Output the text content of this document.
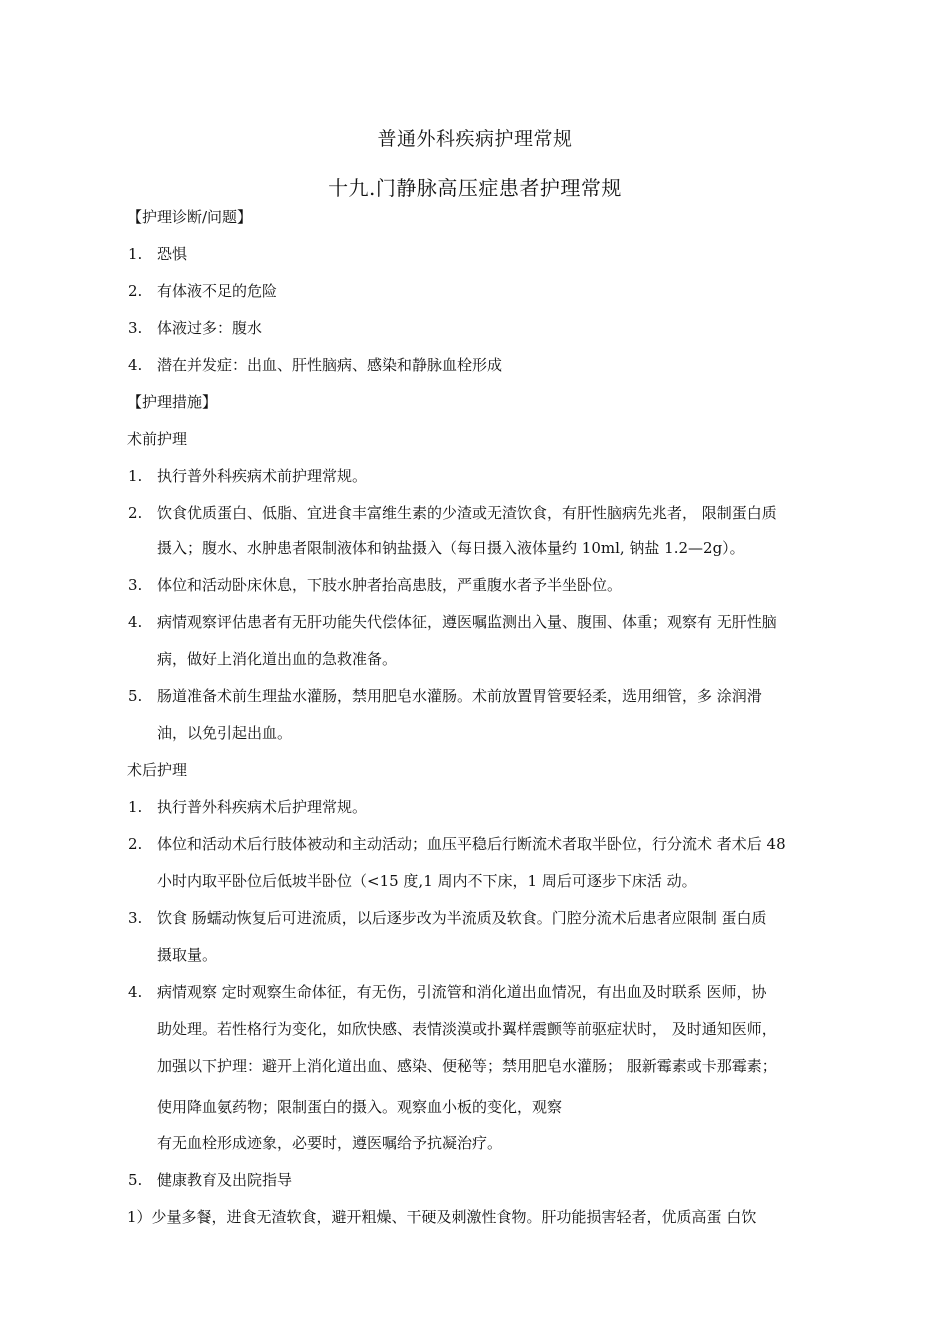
普通外科疾病护理常规
十九.门静脉高压症患者护理常规
【护理诊断/问题】
1. 恐惧
2. 有体液不足的危险
3. 体液过多：腹水
4. 潜在并发症：出血、肝性脑病、感染和静脉血栓形成
【护理措施】
术前护理
1. 执行普外科疾病术前护理常规。
2. 饮食优质蛋白、低脂、宜进食丰富维生素的少渣或无渣饮食，有肝性脑病先兆者， 限制蛋白质
摄入；腹水、水肿患者限制液体和钠盐摄入（每日摄入液体量约 10ml, 钠盐 1.2—2g）。
3. 体位和活动卧床休息，下肢水肿者抬高患肢，严重腹水者予半坐卧位。
4. 病情观察评估患者有无肝功能失代偿体征，遵医嘱监测出入量、腹围、体重；观察有 无肝性脑
病，做好上消化道出血的急救准备。
5. 肠道准备术前生理盐水灌肠，禁用肥皂水灌肠。术前放置胃管要轻柔，选用细管，多 涂润滑
油，以免引起出血。
术后护理
1. 执行普外科疾病术后护理常规。
2. 体位和活动术后行肢体被动和主动活动；血压平稳后行断流术者取半卧位，行分流术 者术后 48
小时内取平卧位后低坡半卧位（<15 度,1 周内不下床，1 周后可逐步下床活 动。
3. 饮食 肠蠕动恢复后可进流质，以后逐步改为半流质及软食。门腔分流术后患者应限制 蛋白质
摄取量。
4. 病情观察 定时观察生命体征，有无伤，引流管和消化道出血情况，有出血及时联系 医师，协
助处理。若性格行为变化，如欣快感、表情淡漠或扑翼样震颤等前驱症状时， 及时通知医师，
加强以下护理：避开上消化道出血、感染、便秘等；禁用肥皂水灌肠； 服新霉素或卡那霉素；
使用降血氨药物；限制蛋白的摄入。观察血小板的变化，观察
有无血栓形成迹象，必要时，遵医嘱给予抗凝治疗。
5. 健康教育及出院指导
1）少量多餐，进食无渣软食，避开粗燥、干硬及刺激性食物。肝功能损害轻者，优质高蛋 白饮
